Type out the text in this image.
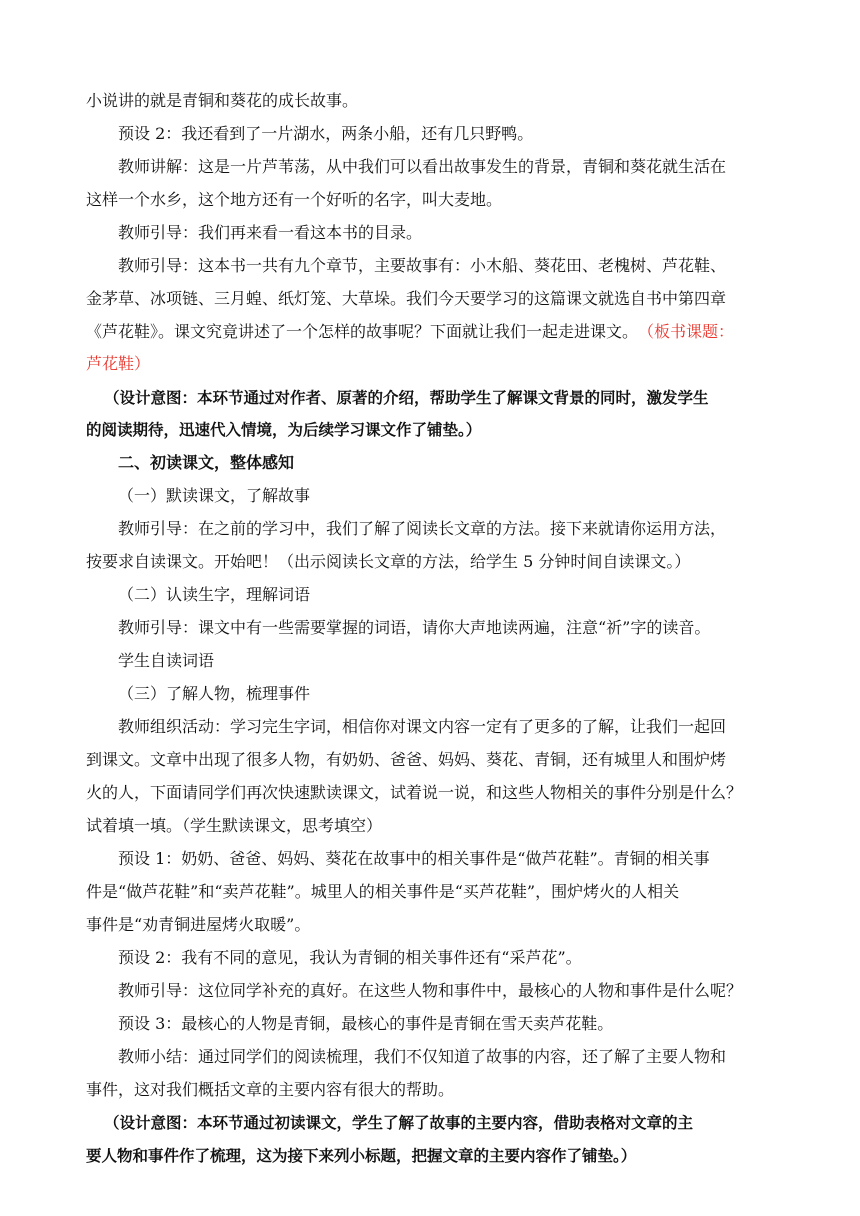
小说讲的就是青铜和葵花的成长故事。
预设 2：我还看到了一片湖水，两条小船，还有几只野鸭。
教师讲解：这是一片芦苇荡，从中我们可以看出故事发生的背景，青铜和葵花就生活在
这样一个水乡，这个地方还有一个好听的名字，叫大麦地。
教师引导：我们再来看一看这本书的目录。
教师引导：这本书一共有九个章节，主要故事有：小木船、葵花田、老槐树、芦花鞋、
金茅草、冰项链、三月蝗、纸灯笼、大草垛。我们今天要学习的这篇课文就选自书中第四章
《芦花鞋》。课文究竟讲述了一个怎样的故事呢？下面就让我们一起走进课文。（板书课题：
芦花鞋）
（设计意图：本环节通过对作者、原著的介绍，帮助学生了解课文背景的同时，激发学生
的阅读期待，迅速代入情境，为后续学习课文作了铺垫。）
二、初读课文，整体感知
（一）默读课文，了解故事
教师引导：在之前的学习中，我们了解了阅读长文章的方法。接下来就请你运用方法，
按要求自读课文。开始吧！（出示阅读长文章的方法，给学生 5 分钟时间自读课文。）
（二）认读生字，理解词语
教师引导：课文中有一些需要掌握的词语，请你大声地读两遍，注意“祈”字的读音。
学生自读词语
（三）了解人物，梳理事件
教师组织活动：学习完生字词，相信你对课文内容一定有了更多的了解，让我们一起回
到课文。文章中出现了很多人物，有奶奶、爸爸、妈妈、葵花、青铜，还有城里人和围炉烤
火的人，下面请同学们再次快速默读课文，试着说一说，和这些人物相关的事件分别是什么？
试着填一填。（学生默读课文，思考填空）
预设 1：奶奶、爸爸、妈妈、葵花在故事中的相关事件是“做芦花鞋”。青铜的相关事
件是“做芦花鞋”和“卖芦花鞋”。城里人的相关事件是“买芦花鞋”，围炉烤火的人相关
事件是“劝青铜进屋烤火取暖”。
预设 2：我有不同的意见，我认为青铜的相关事件还有“采芦花”。
教师引导：这位同学补充的真好。在这些人物和事件中，最核心的人物和事件是什么呢？
预设 3：最核心的人物是青铜，最核心的事件是青铜在雪天卖芦花鞋。
教师小结：通过同学们的阅读梳理，我们不仅知道了故事的内容，还了解了主要人物和
事件，这对我们概括文章的主要内容有很大的帮助。
（设计意图：本环节通过初读课文，学生了解了故事的主要内容，借助表格对文章的主
要人物和事件作了梳理，这为接下来列小标题，把握文章的主要内容作了铺垫。）
